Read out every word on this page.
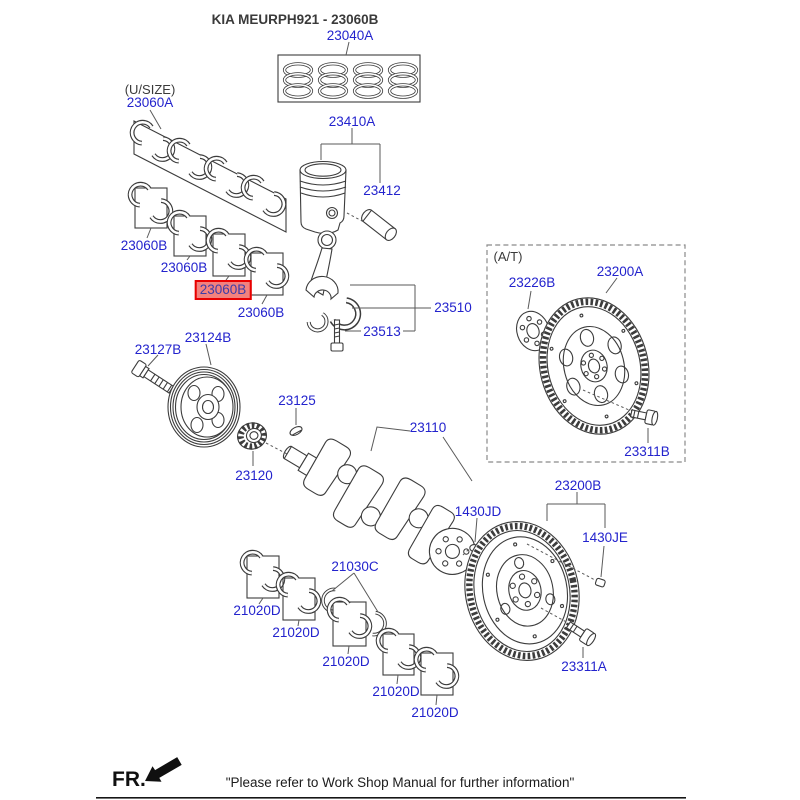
KIA MEURPH921 - 23060B
(U/SIZE)
(A/T)
23040A
23060A
23410A
23412
23060B
23060B
23060B
23060B	23510
23513
23226B
23200A
23311B
23127B
23124B
23125
23120
23110
1430JD
23200B
1430JE
23311A
21030C
21020D
21020D
21020D
21020D
21020D
FR.	"Please refer to Work Shop Manual for further information"
